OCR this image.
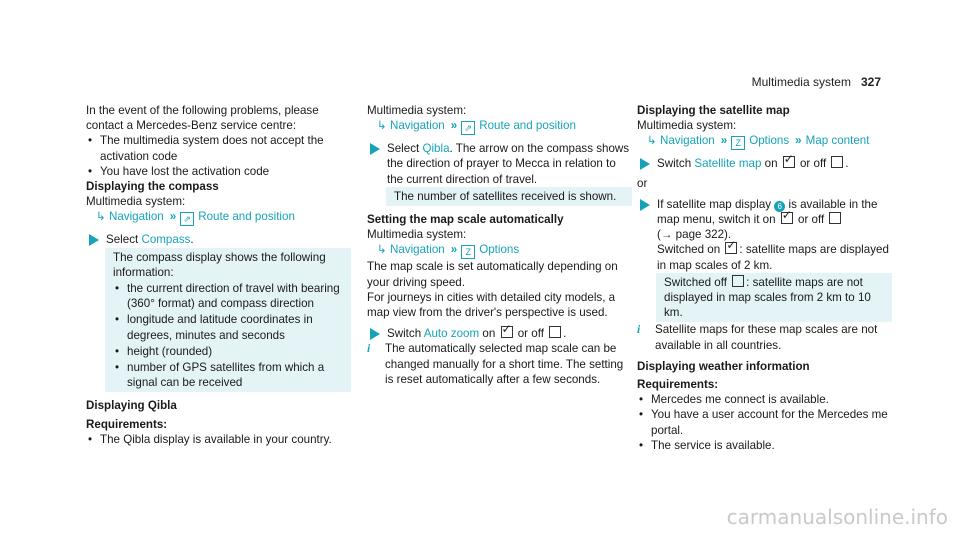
Multimedia system 327

In the event of the following problems, please contact a Mercedes-Benz service centre:

• The multimedia system does not accept the activation code

• You have lost the activation code

Displaying the compass

Multimedia system:

↳ Navigation » ⇗ Route and position

Select Compass.

The compass display shows the following information:

• the current direction of travel with bearing (360° format) and compass direction

• longitude and latitude coordinates in degrees, minutes and seconds

• height (rounded)

• number of GPS satellites from which a signal can be received

Displaying Qibla

Requirements:

• The Qibla display is available in your country.

Multimedia system:

↳ Navigation » ⇗ Route and position

Select Qibla. The arrow on the compass shows the direction of prayer to Mecca in relation to the current direction of travel.

The number of satellites received is shown.

Setting the map scale automatically

Multimedia system:

↳ Navigation » Z Options

The map scale is set automatically depending on your driving speed.

For journeys in cities with detailed city models, a map view from the driver's perspective is used.

Switch Auto zoom on ✓ or off .
i	The automatically selected map scale can be changed manually for a short time. The setting is reset automatically after a few seconds.

Displaying the satellite map

Multimedia system:

↳ Navigation » Z Options » Map content

Switch Satellite map on ✓ or off .

or

If satellite map display 6 is available in the map menu, switch it on ✓ or off
(→ page 322).
Switched on ✓: satellite maps are displayed in map scales of 2 km.

Switched off : satellite maps are not displayed in map scales from 2 km to 10 km.

i	Satellite maps for these map scales are not available in all countries.

Displaying weather information

Requirements:

• Mercedes me connect is available.

• You have a user account for the Mercedes me portal.

• The service is available.

carmanualsonline.info
